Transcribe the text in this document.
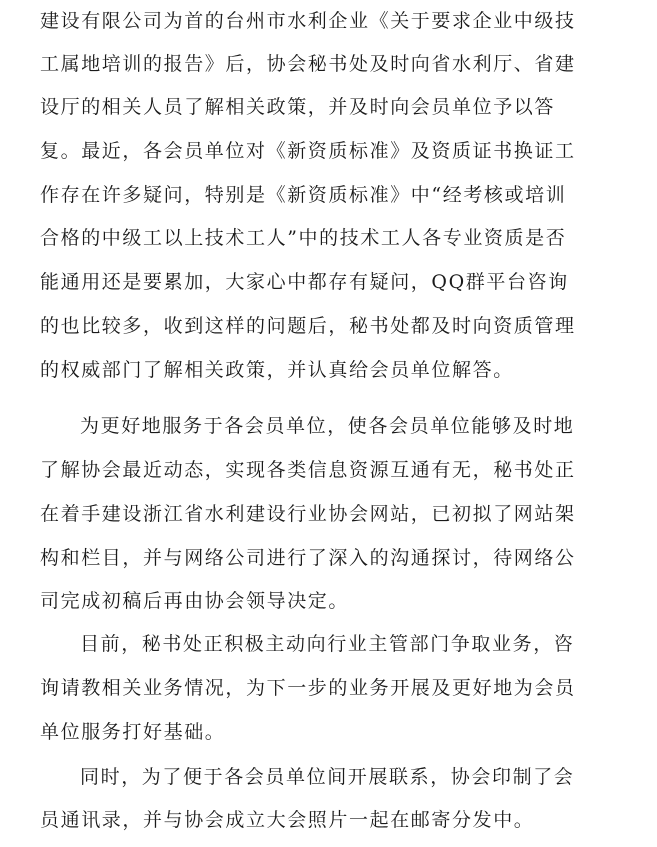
建设有限公司为首的台州市水利企业《关于要求企业中级技
工属地培训的报告》后，协会秘书处及时向省水利厅、省建
设厅的相关人员了解相关政策，并及时向会员单位予以答
复。最近，各会员单位对《新资质标准》及资质证书换证工
作存在许多疑问，特别是《新资质标准》中“经考核或培训
合格的中级工以上技术工人”中的技术工人各专业资质是否
能通用还是要累加，大家心中都存有疑问，QQ群平台咨询
的也比较多，收到这样的问题后，秘书处都及时向资质管理
的权威部门了解相关政策，并认真给会员单位解答。
为更好地服务于各会员单位，使各会员单位能够及时地
了解协会最近动态，实现各类信息资源互通有无，秘书处正
在着手建设浙江省水利建设行业协会网站，已初拟了网站架
构和栏目，并与网络公司进行了深入的沟通探讨，待网络公
司完成初稿后再由协会领导决定。
目前，秘书处正积极主动向行业主管部门争取业务，咨
询请教相关业务情况，为下一步的业务开展及更好地为会员
单位服务打好基础。
同时，为了便于各会员单位间开展联系，协会印制了会
员通讯录，并与协会成立大会照片一起在邮寄分发中。
